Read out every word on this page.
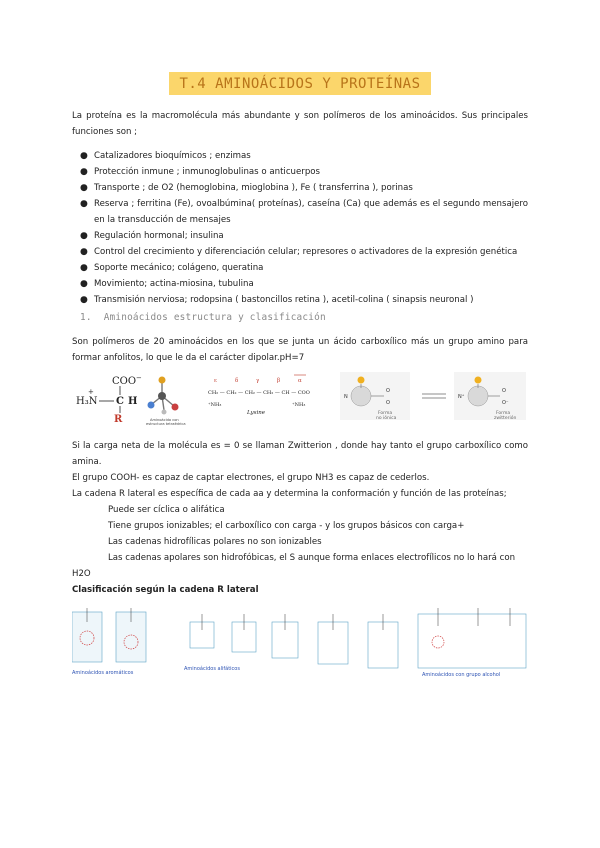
T.4 AMINOÁCIDOS Y PROTEÍNAS

La proteína es la macromolécula más abundante y son polímeros de los aminoácidos. Sus principales funciones son ;

● Catalizadores bioquímicos ; enzimas
● Protección inmune ; inmunoglobulinas o anticuerpos
● Transporte ; de O2 (hemoglobina, mioglobina ), Fe ( transferrina ), porinas
● Reserva ; ferritina (Fe), ovoalbúmina( proteínas), caseína (Ca) que además es el segundo mensajero en la transducción de mensajes
● Regulación hormonal; insulina
● Control del crecimiento y diferenciación celular; represores o activadores de la expresión genética
● Soporte mecánico; colágeno, queratina
● Movimiento; actina-miosina, tubulina
● Transmisión nerviosa; rodopsina ( bastoncillos retina ), acetil-colina ( sinapsis neuronal )
1. Aminoácidos estructura y clasificación

Son polímeros de 20 aminoácidos en los que se junta un ácido carboxílico más un grupo amino para formar anfolitos, lo que le da el carácter dipolar.pH=7

H₃N
+
COO −
C H
R	Aminoácido con
estructura tetraédrica
ε	δ	γ	β	α
CH₂ — CH₂ — CH₂ — CH₂ — CH — COO
⁺NH₃	⁺NH₃
Lysine
N
O
O
Forma
no iónica
N⁺
O
O⁻
Forma
zwitterión

Si la carga neta de la molécula es = 0 se llaman Zwitterion , donde hay tanto el grupo carboxílico como amina.

El grupo COOH- es capaz de captar electrones, el grupo NH3 es capaz de cederlos.

La cadena R lateral es específica de cada aa y determina la conformación y función de las proteínas;

Puede ser cíclica o alifática

Tiene grupos ionizables; el carboxílico con carga - y los grupos básicos con carga+

Las cadenas hidrofílicas polares no son ionizables

Las cadenas apolares son hidrofóbicas, el S aunque forma enlaces electrofílicos no lo hará con H2O

Clasificación según la cadena R lateral

Aminoácidos aromáticos
Aminoácidos alifáticos
Aminoácidos con grupo alcohol
